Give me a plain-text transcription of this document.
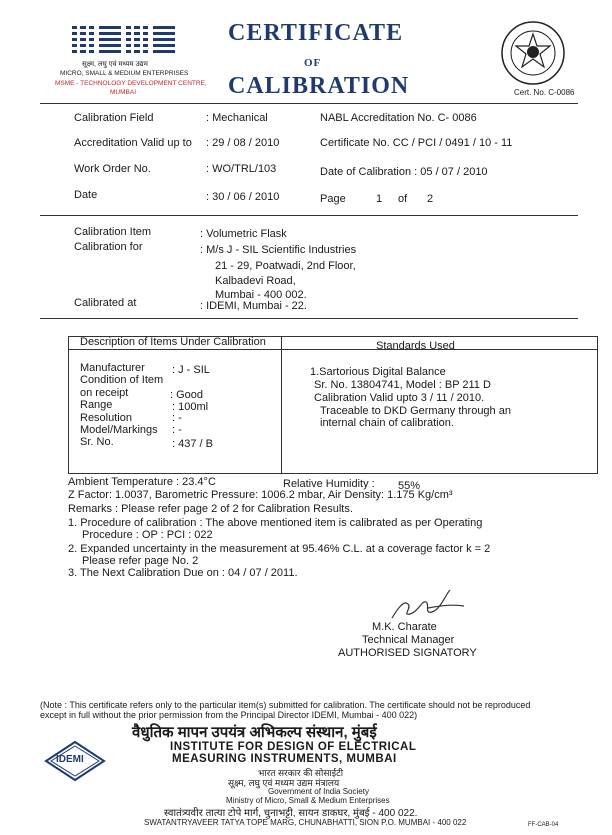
सूक्ष्म, लघु एवं मध्यम उद्यम
MICRO, SMALL & MEDIUM ENTERPRISES
MSME - TECHNOLOGY DEVELOPMENT CENTRE,
MUMBAI
CERTIFICATE
OF
CALIBRATION	Cert. No. C-0086
Calibration Field	: Mechanical	NABL Accreditation No. C- 0086
Accreditation Valid up to : 29 / 08 / 2010	Certificate No. CC / PCI / 0491 / 10 - 11
Work Order No.	: WO/TRL/103	Date of Calibration : 05 / 07 / 2010
Date	: 30 / 06 / 2010	Page	1 of 2
Calibration Item	: Volumetric Flask
Calibration for	: M/s J - SIL Scientific Industries
21 - 29, Poatwadi, 2nd Floor,
Kalbadevi Road,
Mumbai - 400 002.
Calibrated at	: IDEMI, Mumbai - 22.
Description of Items Under Calibration	Standards Used
Manufacturer : J - SIL
Condition of Item
on receipt	: Good
Range	: 100ml
Resolution	: -
Model/Markings : -
Sr. No.	: 437 / B
1.Sartorious Digital Balance
Sr. No. 13804741, Model : BP 211 D
Calibration Valid upto 3 / 11 / 2010.
Traceable to DKD Germany through an
internal chain of calibration.
Ambient Temperature : 23.4°C	Relative Humidity : 55%
Z Factor: 1.0037, Barometric Pressure: 1006.2 mbar, Air Density: 1.175 Kg/cm³
Remarks : Please refer page 2 of 2 for Calibration Results.
1. Procedure of calibration : The above mentioned item is calibrated as per Operating
Procedure : OP : PCI : 022
2. Expanded uncertainty in the measurement at 95.46% C.L. at a coverage factor k = 2
Please refer page No. 2
3. The Next Calibration Due on : 04 / 07 / 2011.
M.K. Charate
Technical Manager
AUTHORISED SIGNATORY
(Note : This certificate refers only to the particular item(s) submitted for calibration. The certificate should not be reproduced
except in full without the prior permission from the Principal Director IDEMI, Mumbai - 400 022)
IDEMI
वैधुतिक मापन उपयंत्र अभिकल्प संस्थान, मुंबई
INSTITUTE FOR DESIGN OF ELECTRICAL
MEASURING INSTRUMENTS, MUMBAI
भारत सरकार की सोसाईटी
सूक्ष्म, लघु एवं मध्यम उद्यम मंत्रालय
Government of India Society
Ministry of Micro, Small & Medium Enterprises
स्वातंत्र्यवीर तात्या टोपे मार्ग, चुनाभट्टी, सायन डाकघर, मुंबई - 400 022.
SWATANTRYAVEER TATYA TOPE MARG, CHUNABHATTI, SION P.O. MUMBAI - 400 022	FF-CAB-04
